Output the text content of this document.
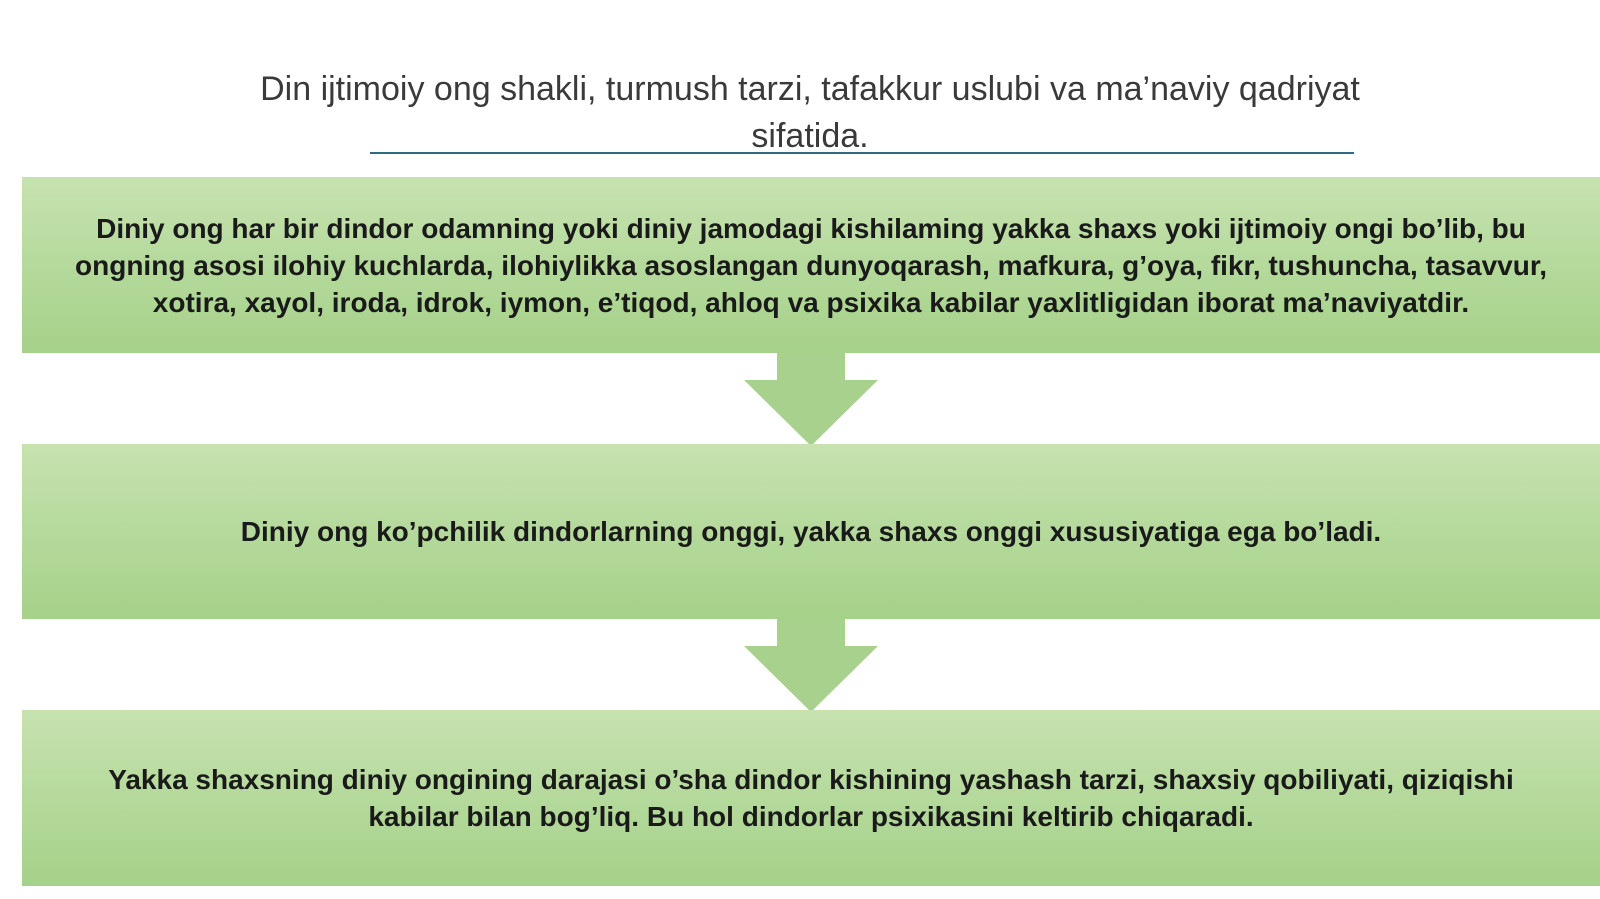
Din ijtimoiy ong shakli, turmush tarzi, tafakkur uslubi va ma’naviy qadriyat sifatida.
Diniy ong har bir dindor odamning yoki diniy jamodagi kishilaming yakka shaxs yoki ijtimoiy ongi bo’lib, bu ongning asosi ilohiy kuchlarda, ilohiylikka asoslangan dunyoqarash, mafkura, g’oya, fikr, tushuncha, tasavvur, xotira, xayol, iroda, idrok, iymon, e’tiqod, ahloq va psixika kabilar yaxlitligidan iborat ma’naviyatdir.
Diniy ong ko’pchilik dindorlarning onggi, yakka shaxs onggi xususiyatiga ega bo’ladi.
Yakka shaxsning diniy ongining darajasi o’sha dindor kishining yashash tarzi, shaxsiy qobiliyati, qiziqishi kabilar bilan bog’liq. Bu hol dindorlar psixikasini keltirib chiqaradi.
